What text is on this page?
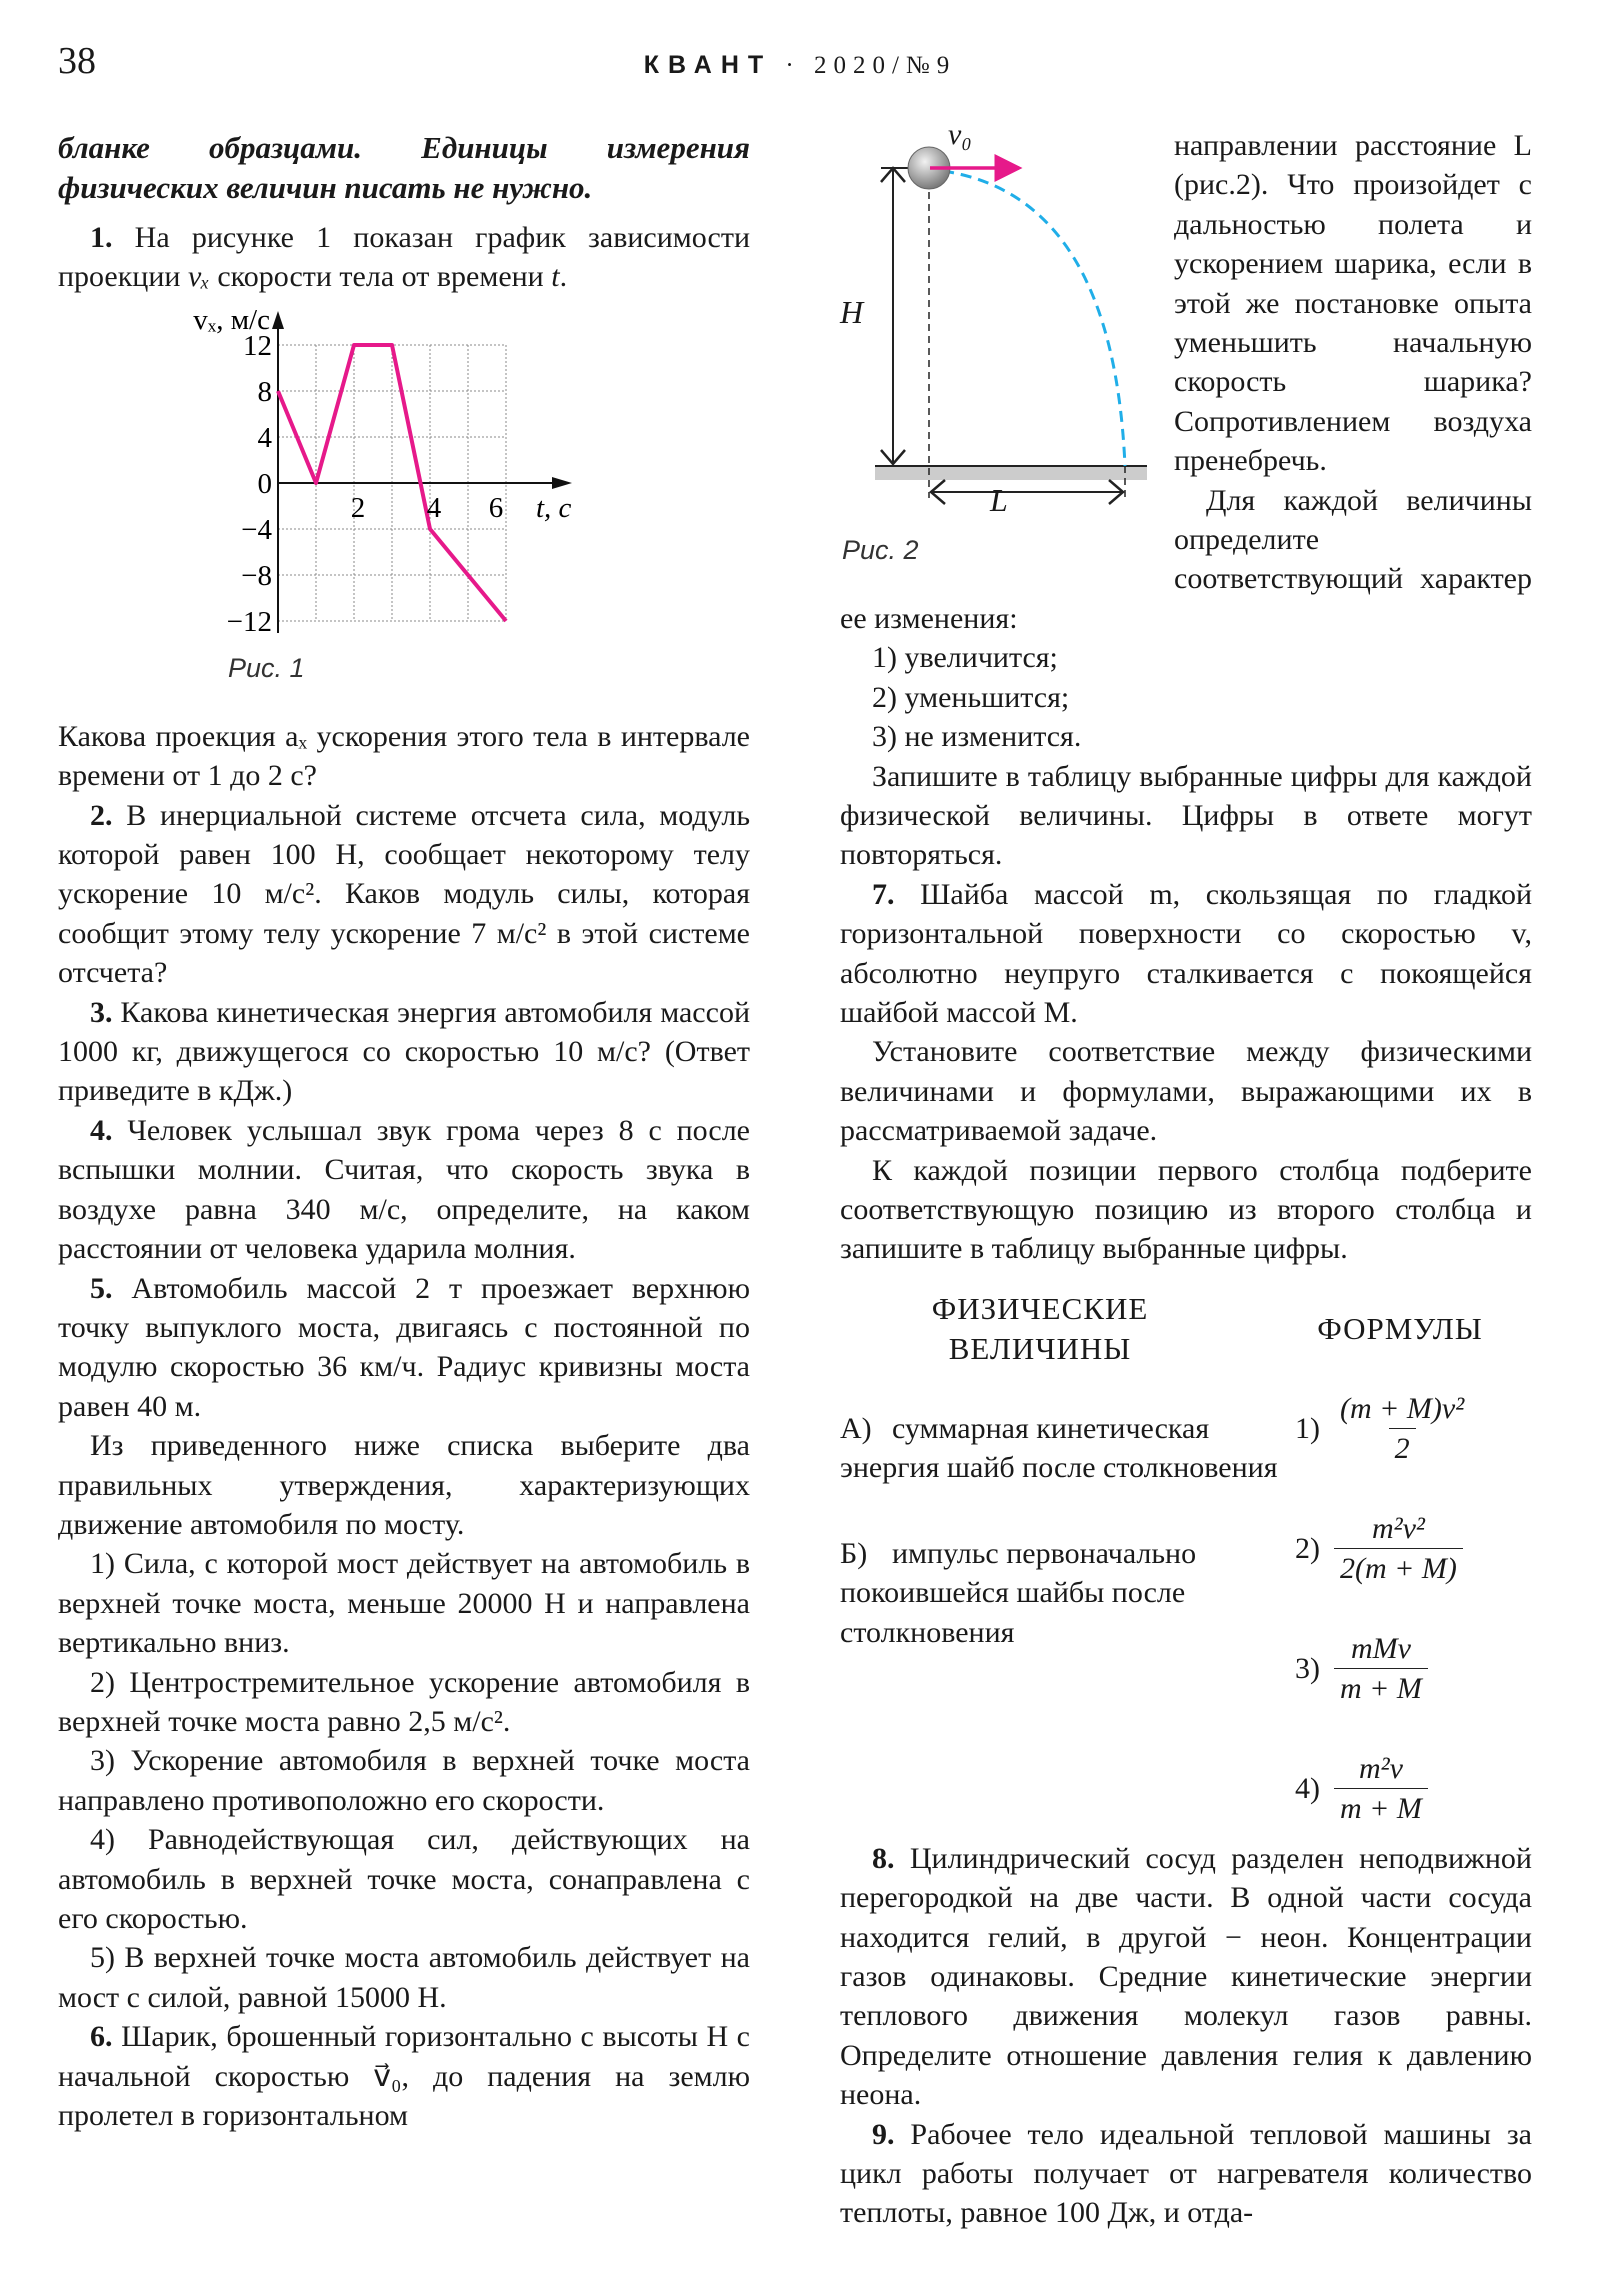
38	КВАНТ · 2020/№9

бланке образцами. Единицы измерения физических величин писать не нужно.

1. На рисунке 1 показан график зависимости проекции vₓ скорости тела от времени t.

12
8
4
0
−4
−8
−12
2 4 6 t, с
vₓ, м/с
Рис. 1

Какова проекция aₓ ускорения этого тела в интервале времени от 1 до 2 с?

2. В инерциальной системе отсчета сила, модуль которой равен 100 Н, сообщает некоторому телу ускорение 10 м/с². Каков модуль силы, которая сообщит этому телу ускорение 7 м/с² в этой системе отсчета?

3. Какова кинетическая энергия автомобиля массой 1000 кг, движущегося со скоростью 10 м/с? (Ответ приведите в кДж.)

4. Человек услышал звук грома через 8 с после вспышки молнии. Считая, что скорость звука в воздухе равна 340 м/с, определите, на каком расстоянии от человека ударила молния.

5. Автомобиль массой 2 т проезжает верхнюю точку выпуклого моста, двигаясь с постоянной по модулю скоростью 36 км/ч. Радиус кривизны моста равен 40 м.

Из приведенного ниже списка выберите два правильных утверждения, характеризующих движение автомобиля по мосту.

1) Сила, с которой мост действует на автомобиль в верхней точке моста, меньше 20000 Н и направлена вертикально вниз.

2) Центростремительное ускорение автомобиля в верхней точке моста равно 2,5 м/с².

3) Ускорение автомобиля в верхней точке моста направлено противоположно его скорости.

4) Равнодействующая сил, действующих на автомобиль в верхней точке моста, сонаправлена с его скоростью.

5) В верхней точке моста автомобиль действует на мост с силой, равной 15000 Н.

6. Шарик, брошенный горизонтально с высоты H с начальной скоростью v⃗₀, до падения на землю пролетел в горизонтальном

v₀
H
L
Рис. 2

направлении расстояние L (рис.2). Что произойдет с дальностью полета и ускорением шарика, если в этой же постановке опыта уменьшить начальную скорость шарика? Сопротивлением воздуха пренебречь.

Для каждой величины определите соответствующий характер ее изменения:

1) увеличится;

2) уменьшится;

3) не изменится.

Запишите в таблицу выбранные цифры для каждой физической величины. Цифры в ответе могут повторяться.

7. Шайба массой m, скользящая по гладкой горизонтальной поверхности со скоростью v, абсолютно неупруго сталкивается с покоящейся шайбой массой M.

Установите соответствие между физическими величинами и формулами, выражающими их в рассматриваемой задаче.

К каждой позиции первого столбца подберите соответствующую позицию из второго столбца и запишите в таблицу выбранные цифры.

ФИЗИЧЕСКИЕ ВЕЛИЧИНЫ
ФОРМУЛЫ
А) суммарная кинетическая энергия шайб после столкновения
Б) импульс первоначально покоившейся шайбы после столкновения
$1) \frac{\text{(m + M)v²}}{2}$
$2) \frac{\text{m²v²}}{2(m + M)}$
$3) \frac{\text{mMv}}{m + M}$
$4) \frac{\text{m²v}}{m + M}$

8. Цилиндрический сосуд разделен неподвижной перегородкой на две части. В одной части сосуда находится гелий, в другой − неон. Концентрации газов одинаковы. Средние кинетические энергии теплового движения молекул газов равны. Определите отношение давления гелия к давлению неона.

9. Рабочее тело идеальной тепловой машины за цикл работы получает от нагревателя количество теплоты, равное 100 Дж, и отда-
